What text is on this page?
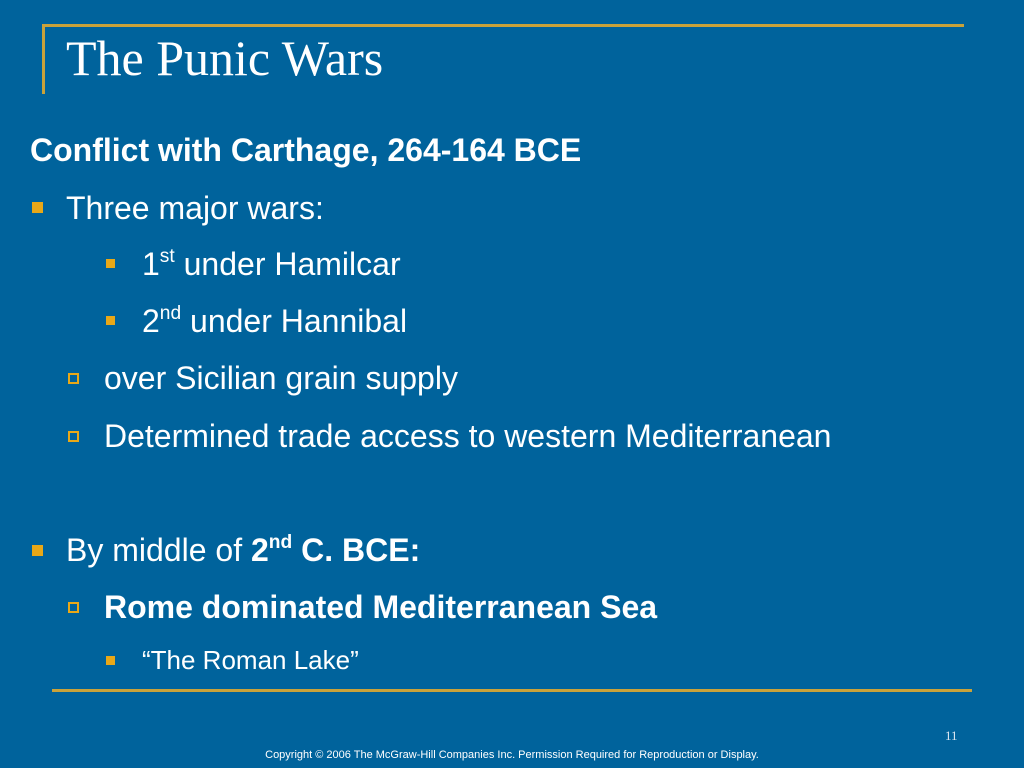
The Punic Wars
Conflict with Carthage, 264-164 BCE
Three major wars:
1st under Hamilcar
2nd under Hannibal
over Sicilian grain supply
Determined trade access to western Mediterranean
By middle of 2nd C. BCE:
Rome dominated Mediterranean Sea
“The Roman Lake”
11
Copyright © 2006 The McGraw-Hill Companies Inc. Permission Required for Reproduction or Display.
